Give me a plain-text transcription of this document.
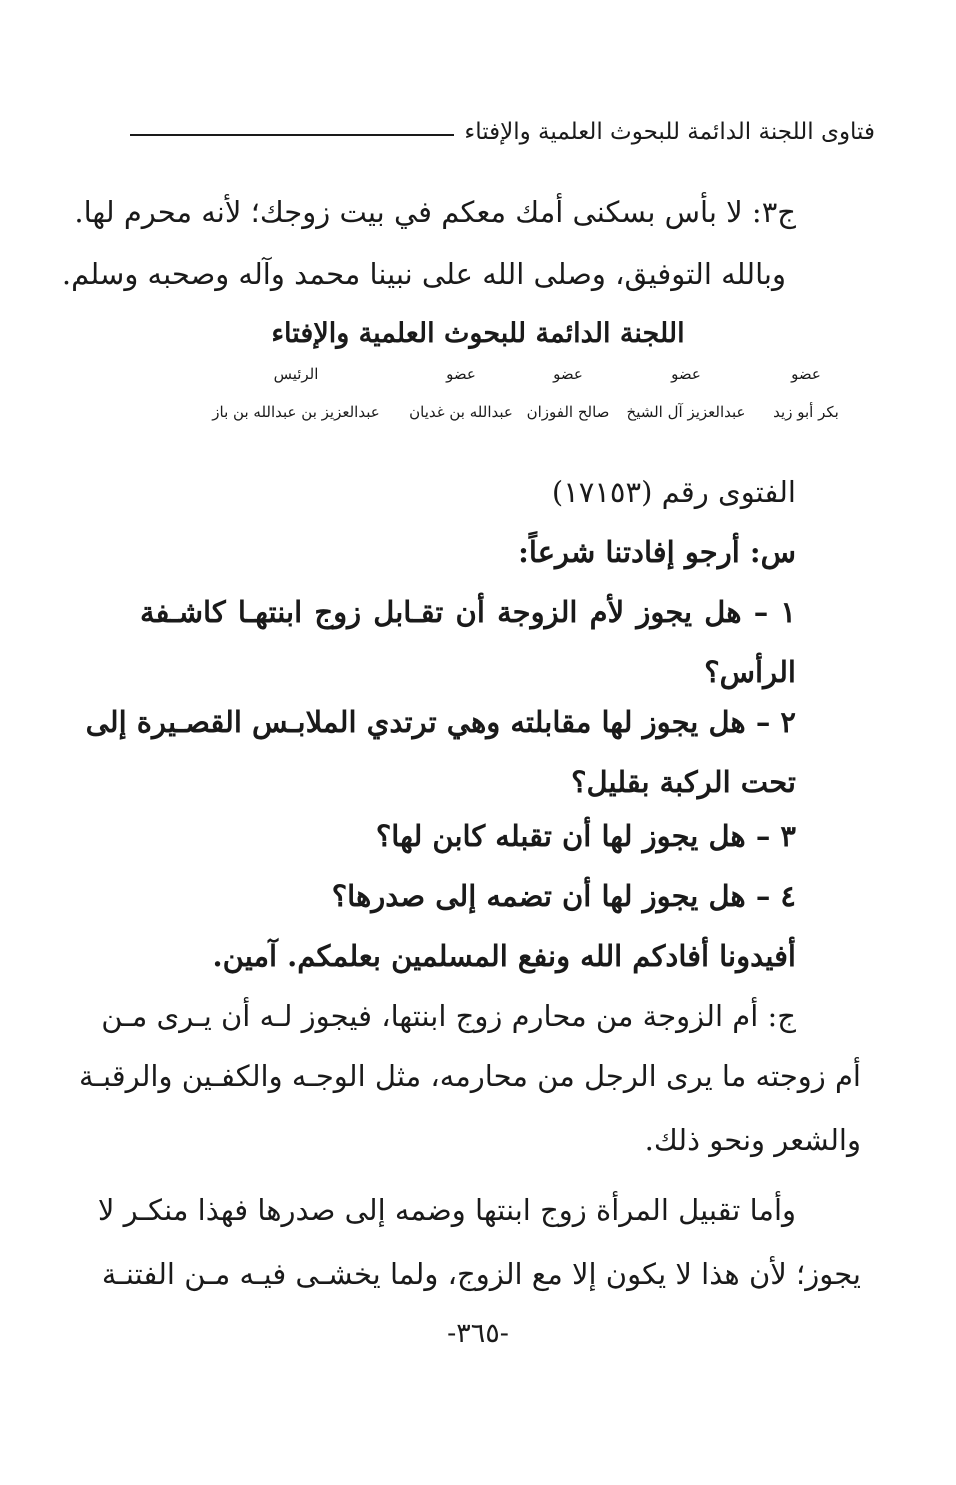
فتاوى اللجنة الدائمة للبحوث العلمية والإفتاء
ج٣: لا بأس بسكنى أمك معكم في بيت زوجك؛ لأنه محرم لها.
وبالله التوفيق، وصلى الله على نبينا محمد وآله وصحبه وسلم.
اللجنة الدائمة للبحوث العلمية والإفتاء
عضو
عضو
عضو
عضو
الرئيس
بكر أبو زيد
عبدالعزيز آل الشيخ
صالح الفوزان
عبدالله بن غديان
عبدالعزيز بن عبدالله بن باز
الفتوى رقم (١٧١٥٣)
س: أرجو إفادتنا شرعاً:
١ – هل يجوز لأم الزوجة أن تقـابل زوج ابنتهـا كاشـفة
الرأس؟
٢ – هل يجوز لها مقابلته وهي ترتدي الملابـس القصـيرة إلى
تحت الركبة بقليل؟
٣ – هل يجوز لها أن تقبله كابن لها؟
٤ – هل يجوز لها أن تضمه إلى صدرها؟
أفيدونا أفادكم الله ونفع المسلمين بعلمكم. آمين.
ج: أم الزوجة من محارم زوج ابنتها، فيجوز لـه أن يـرى مـن
أم زوجته ما يرى الرجل من محارمه، مثل الوجـه والكفـين والرقبـة
والشعر ونحو ذلك.
وأما تقبيل المرأة زوج ابنتها وضمه إلى صدرها فهذا منكـر لا
يجوز؛ لأن هذا لا يكون إلا مع الزوج، ولما يخشـى فيـه مـن الفتنـة
-٣٦٥-
